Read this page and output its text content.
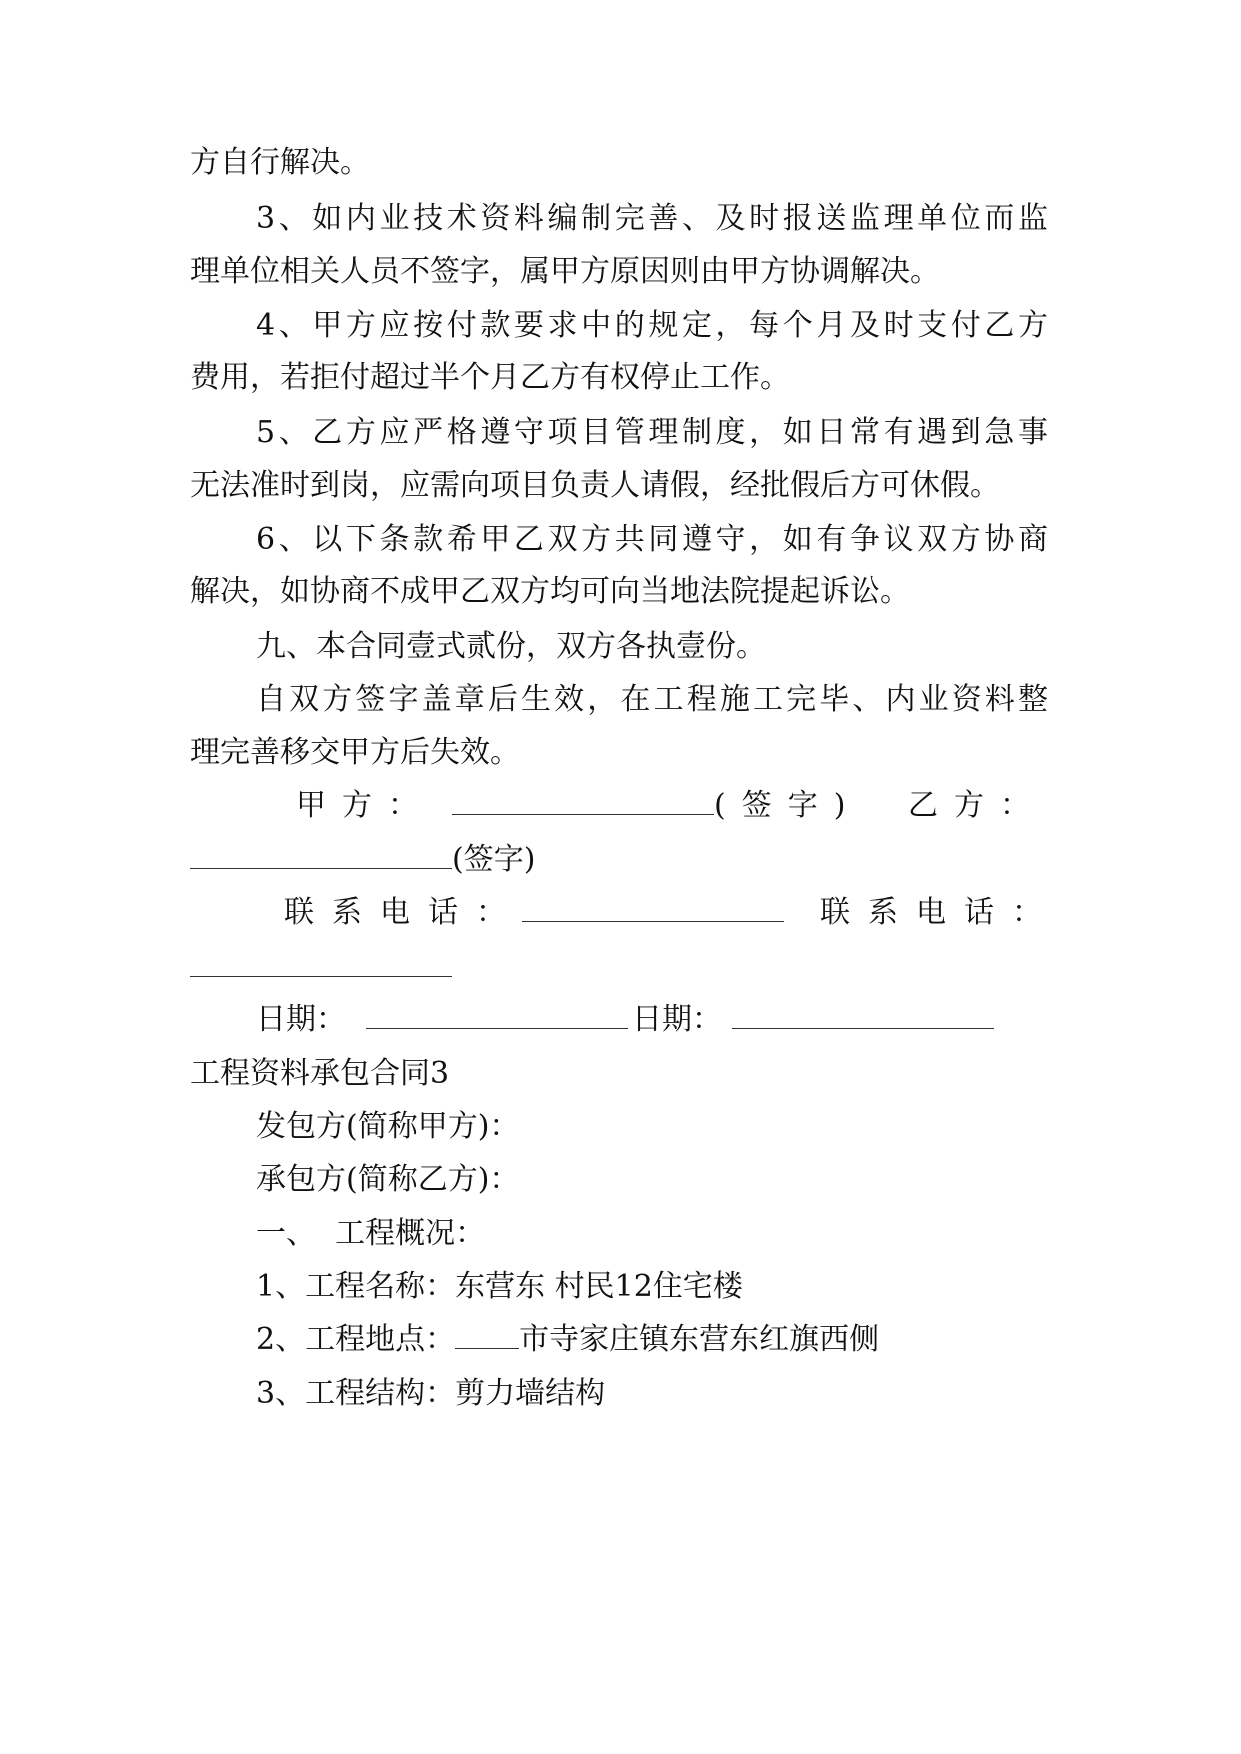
方自行解决。
3、如内业技术资料编制完善、及时报送监理单位而监
理单位相关人员不签字，属甲方原因则由甲方协调解决。
4、甲方应按付款要求中的规定，每个月及时支付乙方
费用，若拒付超过半个月乙方有权停止工作。
5、乙方应严格遵守项目管理制度，如日常有遇到急事
无法准时到岗，应需向项目负责人请假，经批假后方可休假。
6、以下条款希甲乙双方共同遵守，如有争议双方协商
解决，如协商不成甲乙双方均可向当地法院提起诉讼。
九、本合同壹式贰份，双方各执壹份。
自双方签字盖章后生效，在工程施工完毕、内业资料整
理完善移交甲方后失效。
甲方：	(签字) 乙方：
(签字)
联系电话：	联系电话：
日期：	日期：
工程资料承包合同3
发包方(简称甲方)：
承包方(简称乙方)：
一、  工程概况：
1、工程名称：东营东 村民12住宅楼
2、工程地点： 市寺家庄镇东营东红旗西侧
3、工程结构：剪力墙结构
